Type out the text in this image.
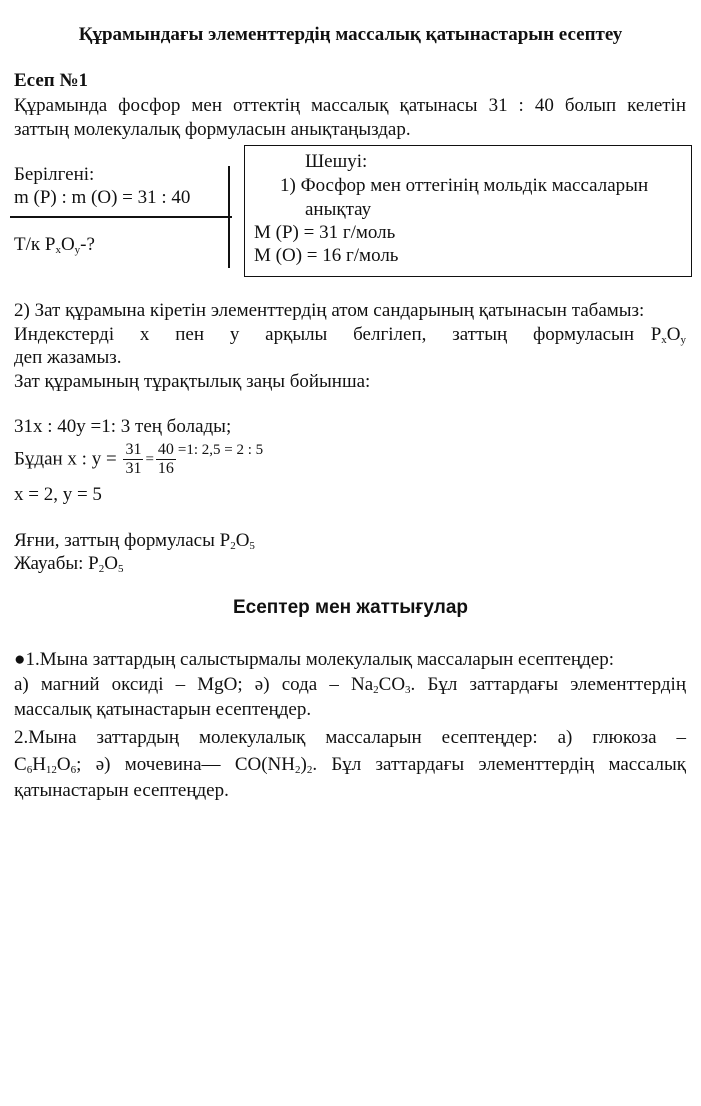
Құрамындағы элементтердің массалық қатынастарын есептеу
Есеп №1
Құрамында фосфор мен оттектің массалық қатынасы 31 : 40 болып келетін
заттың молекулалық формуласын анықтаңыздар.
Берілгені:
m (P) : m (O) = 31 : 40
Т/к $P_xO_y-$?
Шешуі:
1) Фосфор мен оттегінің мольдік массаларын
анықтау
M (P) = 31 г/моль
M (O) = 16 г/моль
2) Зат құрамына кіретін элементтердің атом сандарының қатынасын табамыз:
Индекстерді x пен y арқылы белгілеп, заттың формуласын $P_xO_y$
деп жазамыз.
Зат құрамының тұрақтылық заңы бойынша:
31x : 40y =1: 3 тең болады;
Бұдан x : $y = \frac{31}{31} = \frac{40}{16} ^{=1: 2,5 = 2 : 5}$
x = 2, y = 5
Яғни, заттың формуласы $P_2O_5$
Жауабы: $P_2O_5$
Есептер мен жаттығулар
●1.Мына заттардың салыстырмалы молекулалық массаларын есептеңдер:
а) магний оксиді – MgO; ә) сода – $Na_2CO_3$. Бұл заттардағы элементтердің
массалық қатынастарын есептеңдер.
2.Мына заттардың молекулалық массаларын есептеңдер: а) глюкоза –
$C_6H_{12}O_6$; ә) мочевина— $CO(NH_2)_2$. Бұл заттардағы элементтердің массалық
қатынастарын есептеңдер.
